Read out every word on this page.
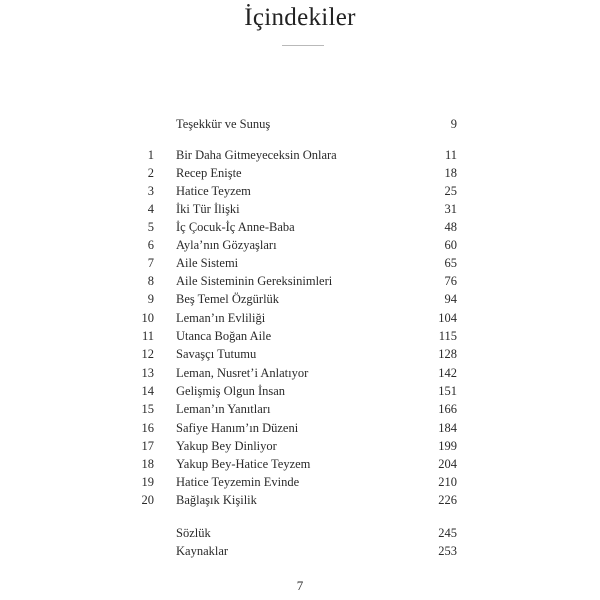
İçindekiler
Teşekkür ve Sunuş	9
1 Bir Daha Gitmeyeceksin Onlara	11
2 Recep Enişte	18
3 Hatice Teyzem	25
4 İki Tür İlişki	31
5 İç Çocuk-İç Anne-Baba	48
6 Ayla’nın Gözyaşları	60
7 Aile Sistemi	65
8 Aile Sisteminin Gereksinimleri	76
9 Beş Temel Özgürlük	94
10 Leman’ın Evliliği	104
11 Utanca Boğan Aile	115
12 Savaşçı Tutumu	128
13 Leman, Nusret’i Anlatıyor	142
14 Gelişmiş Olgun İnsan	151
15 Leman’ın Yanıtları	166
16 Safiye Hanım’ın Düzeni	184
17 Yakup Bey Dinliyor	199
18 Yakup Bey-Hatice Teyzem	204
19 Hatice Teyzemin Evinde	210
20 Bağlaşık Kişilik	226
Sözlük	245
Kaynaklar	253
7
